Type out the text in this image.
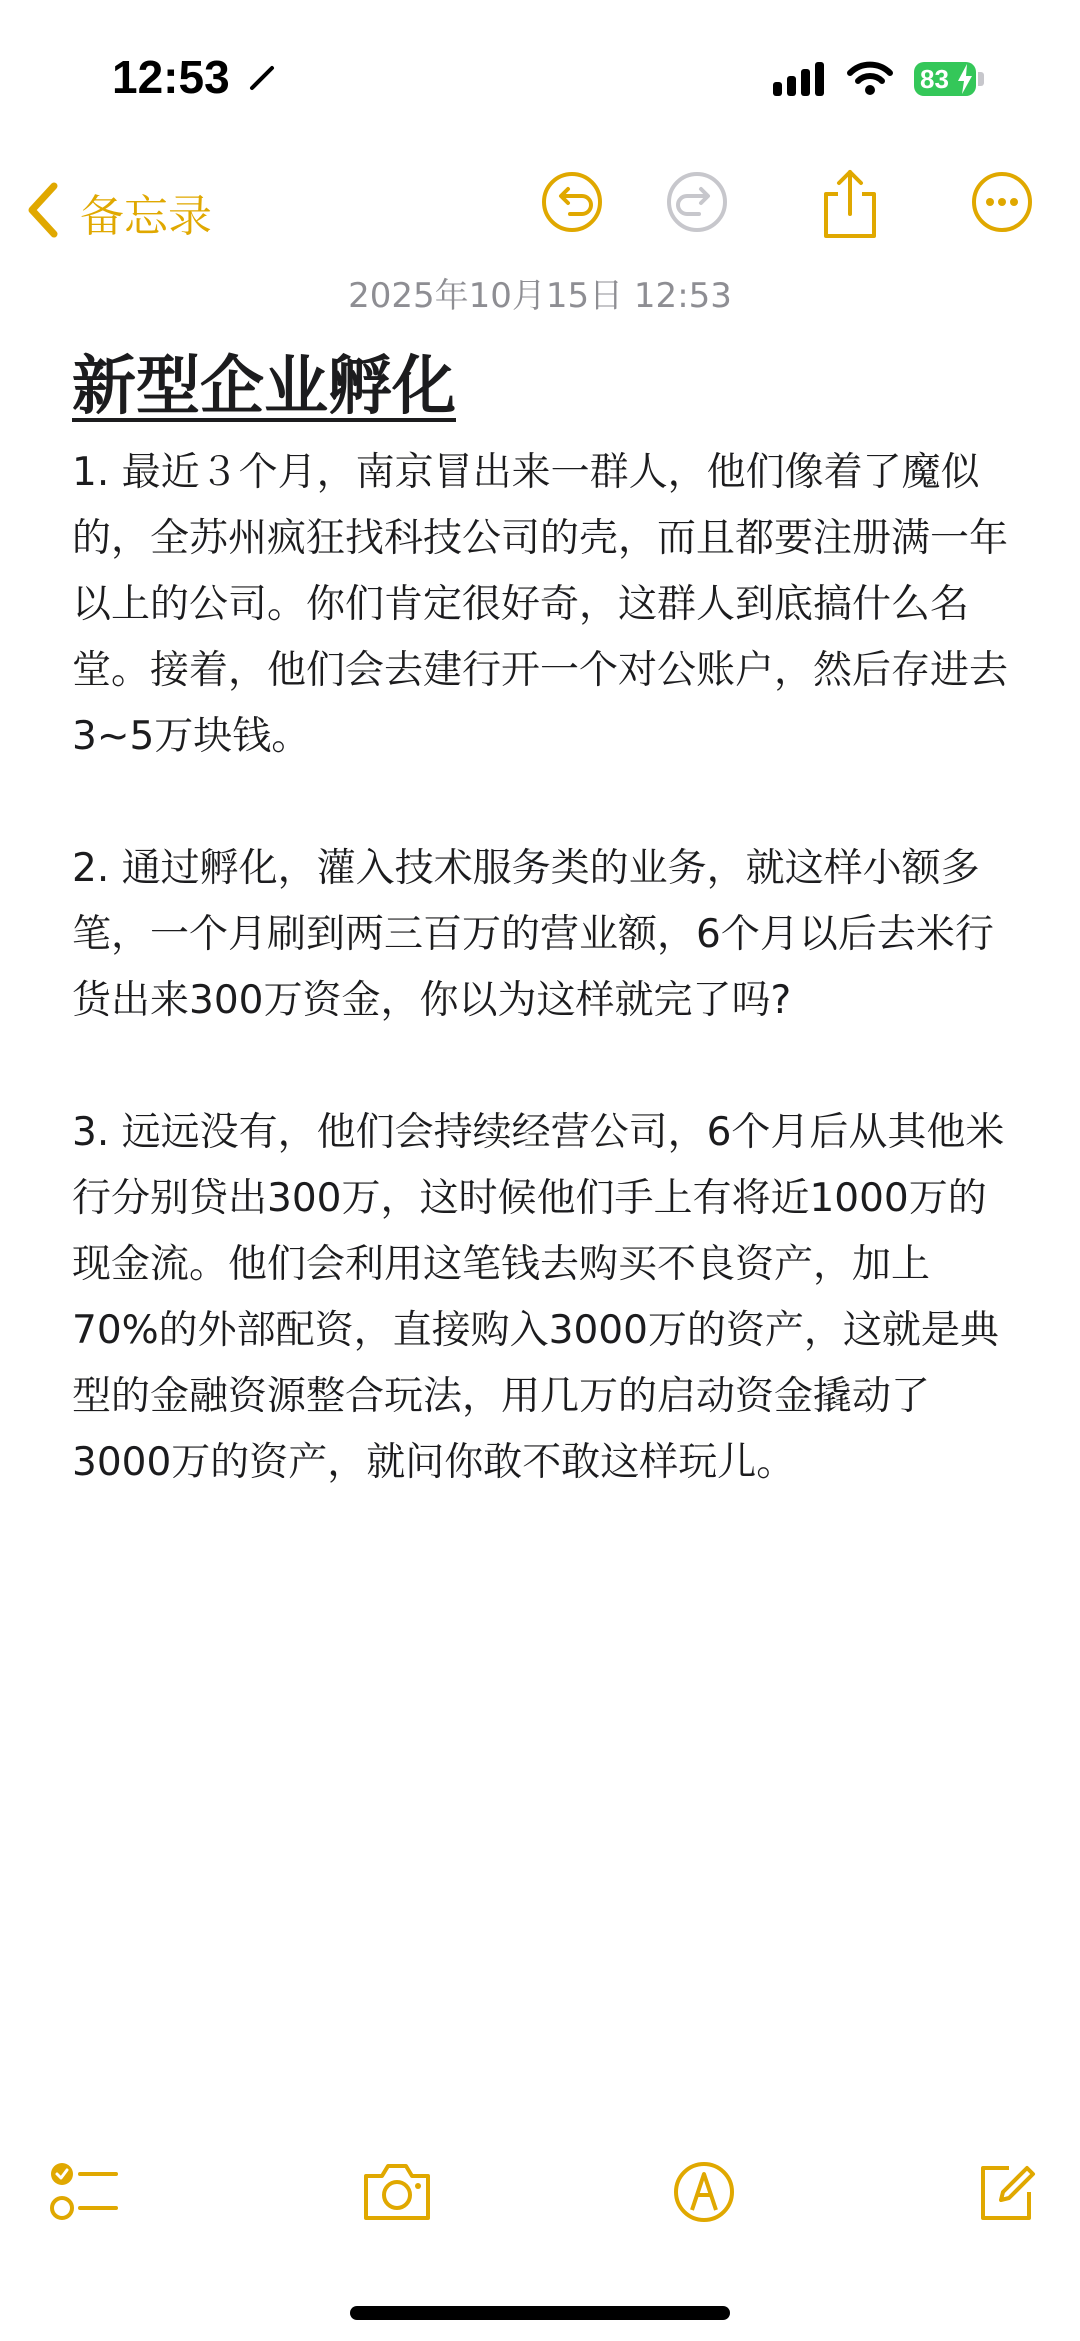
12:53	83
备忘录
2025年10月15日 12:53
新型企业孵化

1. 最近３个月，南京冒出来一群人，他们像着了魔似的，全苏州疯狂找科技公司的壳，而且都要注册满一年以上的公司。你们肯定很好奇，这群人到底搞什么名堂。接着，他们会去建行开一个对公账户，然后存进去3~5万块钱。

2. 通过孵化，灌入技术服务类的业务，就这样小额多笔，一个月刷到两三百万的营业额，6个月以后去米行货出来300万资金，你以为这样就完了吗?

3. 远远没有，他们会持续经营公司，6个月后从其他米行分别贷出300万，这时候他们手上有将近1000万的现金流。他们会利用这笔钱去购买不良资产，加上70%的外部配资，直接购入3000万的资产，这就是典型的金融资源整合玩法，用几万的启动资金撬动了3000万的资产，就问你敢不敢这样玩儿。
